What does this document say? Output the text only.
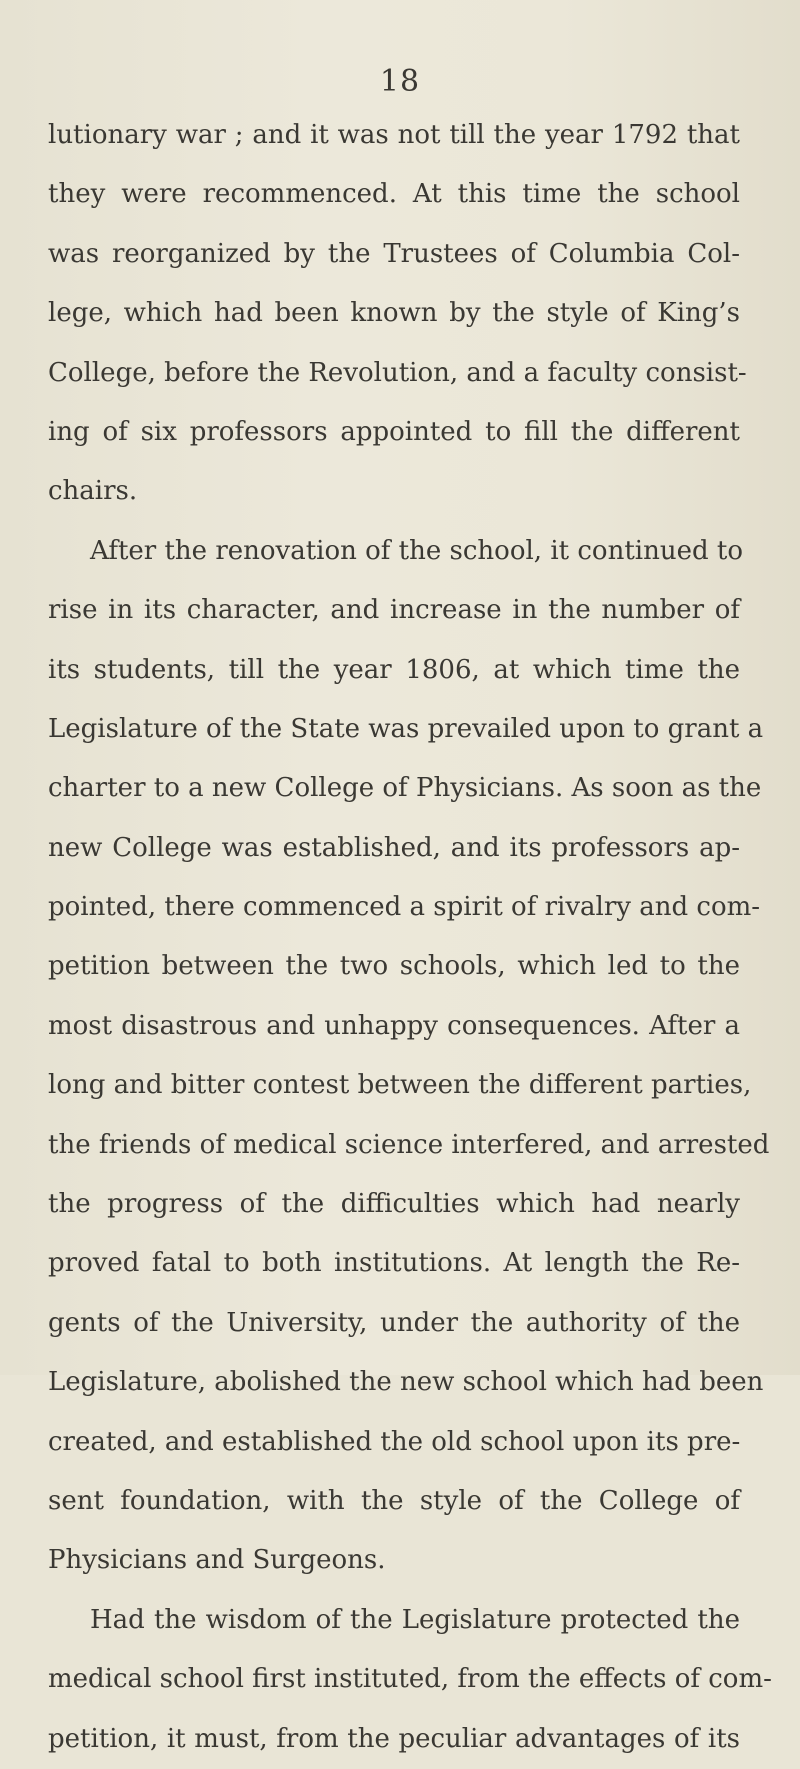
18
lutionary war ; and it was not till the year 1792 that
they were recommenced. At this time the school
was reorganized by the Trustees of Columbia Col-
lege, which had been known by the style of King’s
College, before the Revolution, and a faculty consist-
ing of six professors appointed to fill the different
chairs.
After the renovation of the school, it continued to
rise in its character, and increase in the number of
its students, till the year 1806, at which time the
Legislature of the State was prevailed upon to grant a
charter to a new College of Physicians. As soon as the
new College was established, and its professors ap-
pointed, there commenced a spirit of rivalry and com-
petition between the two schools, which led to the
most disastrous and unhappy consequences. After a
long and bitter contest between the different parties,
the friends of medical science interfered, and arrested
the progress of the difficulties which had nearly
proved fatal to both institutions. At length the Re-
gents of the University, under the authority of the
Legislature, abolished the new school which had been
created, and established the old school upon its pre-
sent foundation, with the style of the College of
Physicians and Surgeons.
Had the wisdom of the Legislature protected the
medical school first instituted, from the effects of com-
petition, it must, from the peculiar advantages of its
